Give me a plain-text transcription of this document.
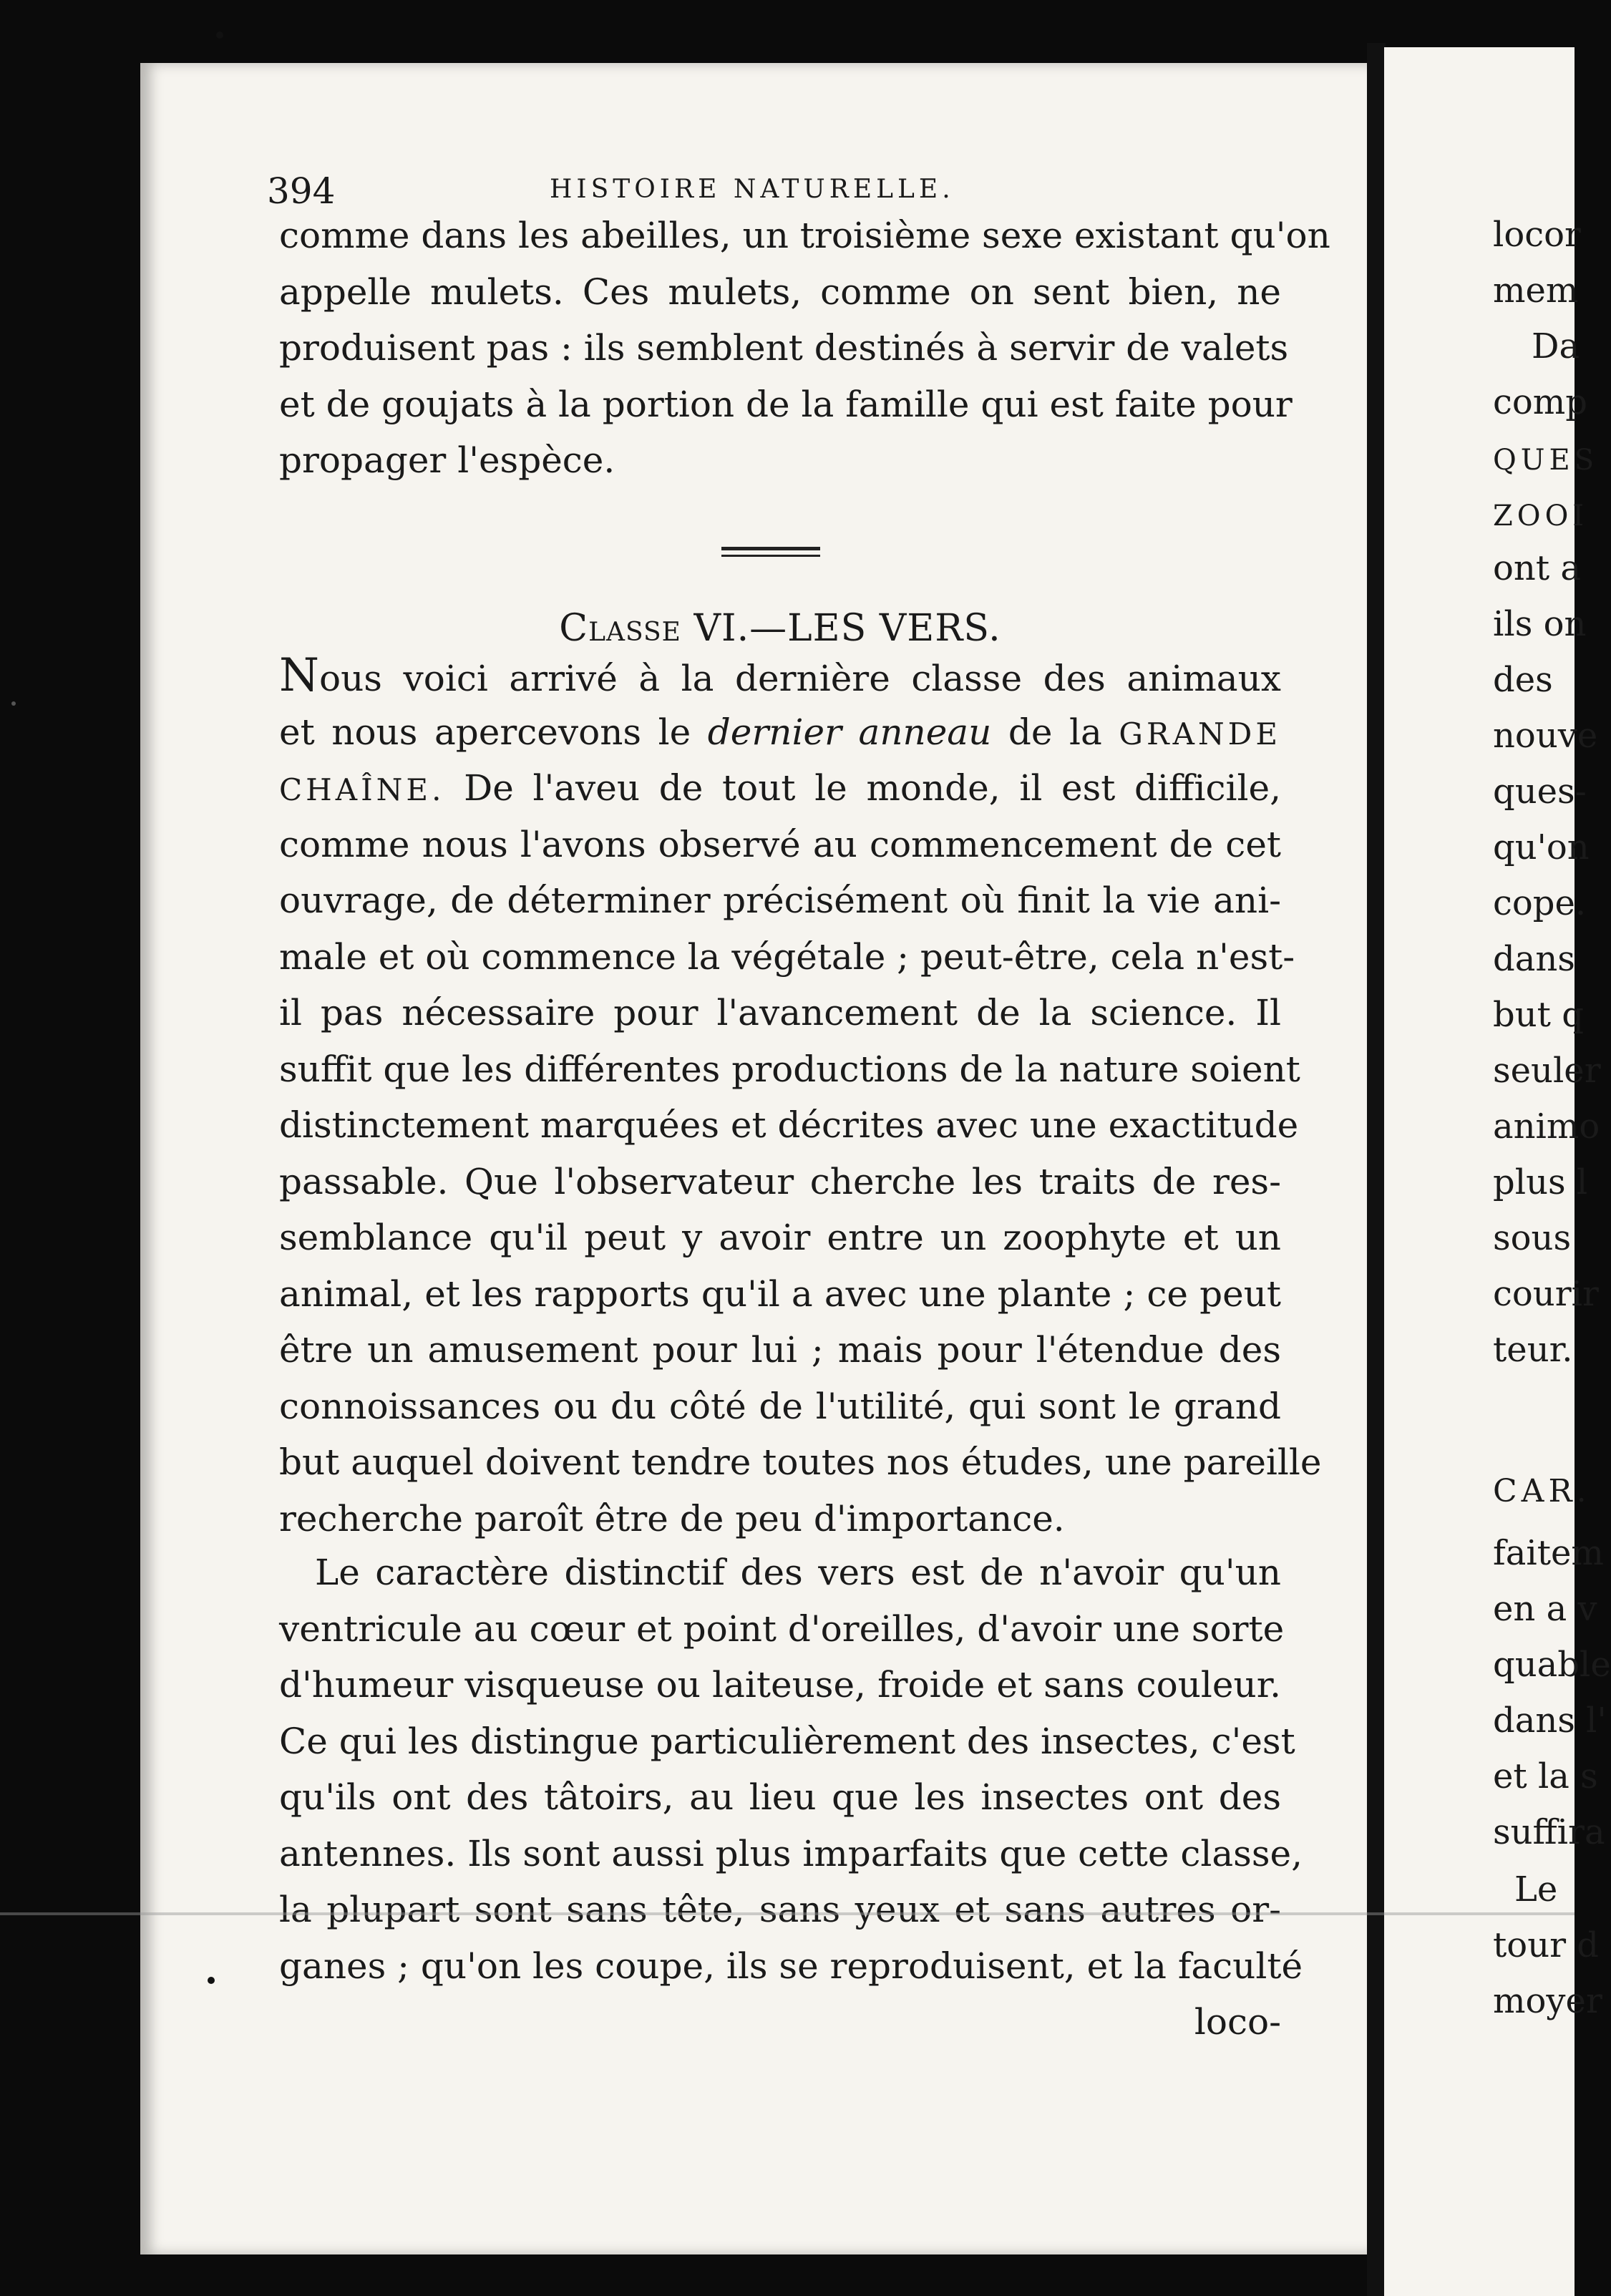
394	HISTOIRE NATURELLE.
comme dans les abeilles, un troisième sexe existant qu'on
appelle mulets. Ces mulets, comme on sent bien, ne
produisent pas : ils semblent destinés à servir de valets
et de goujats à la portion de la famille qui est faite pour
propager l'espèce.
Classe VI.—LES VERS.
Nous voici arrivé à la dernière classe des animaux
et nous apercevons le dernier anneau de la GRANDE
CHAÎNE. De l'aveu de tout le monde, il est difficile,
comme nous l'avons observé au commencement de cet
ouvrage, de déterminer précisément où finit la vie ani-
male et où commence la végétale ; peut-être, cela n'est-
il pas nécessaire pour l'avancement de la science. Il
suffit que les différentes productions de la nature soient
distinctement marquées et décrites avec une exactitude
passable. Que l'observateur cherche les traits de res-
semblance qu'il peut y avoir entre un zoophyte et un
animal, et les rapports qu'il a avec une plante ; ce peut
être un amusement pour lui ; mais pour l'étendue des
connoissances ou du côté de l'utilité, qui sont le grand
but auquel doivent tendre toutes nos études, une pareille
recherche paroît être de peu d'importance.
Le caractère distinctif des vers est de n'avoir qu'un
ventricule au cœur et point d'oreilles, d'avoir une sorte
d'humeur visqueuse ou laiteuse, froide et sans couleur.
Ce qui les distingue particulièrement des insectes, c'est
qu'ils ont des tâtoirs, au lieu que les insectes ont des
antennes. Ils sont aussi plus imparfaits que cette classe,
la plupart sont sans tête, sans yeux et sans autres or-
ganes ; qu'on les coupe, ils se reproduisent, et la faculté
loco-
locor
mem
Da
comp
QUES
ZOOI
ont a
ils on
des
nouve
ques-
qu'on
cope.
dans
but q
seuler
animo
plus l
sous
courir
teur.
CAR.
faitem
en a v
quable
dans l'
et la s
suffira
Le
tour d
moyer
